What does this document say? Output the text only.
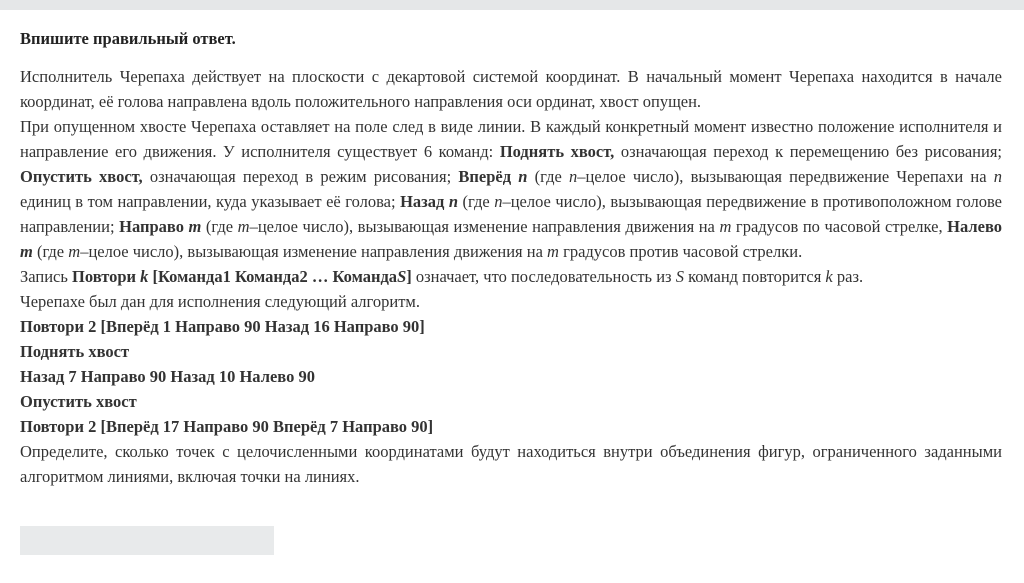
Впишите правильный ответ.

Исполнитель Черепаха действует на плоскости с декартовой системой координат. В начальный момент Черепаха находится в начале координат, её голова направлена вдоль положительного направления оси ординат, хвост опущен.

При опущенном хвосте Черепаха оставляет на поле след в виде линии. В каждый конкретный момент известно положение исполнителя и направление его движения. У исполнителя существует 6 команд: Поднять хвост, означающая переход к перемещению без рисования; Опустить хвост, означающая переход в режим рисования; Вперёд n (где n–целое число), вызывающая передвижение Черепахи на n единиц в том направлении, куда указывает её голова; Назад n (где n–целое число), вызывающая передвижение в противоположном голове направлении; Направо m (где m–целое число), вызывающая изменение направления движения на m градусов по часовой стрелке, Налево m (где m–целое число), вызывающая изменение направления движения на m градусов против часовой стрелки.

Запись Повтори k [Команда1 Команда2 … КомандаS] означает, что последовательность из S команд повторится k раз.

Черепахе был дан для исполнения следующий алгоритм.

Повтори 2 [Вперёд 1 Направо 90 Назад 16 Направо 90]

Поднять хвост

Назад 7 Направо 90 Назад 10 Налево 90

Опустить хвост

Повтори 2 [Вперёд 17 Направо 90 Вперёд 7 Направо 90]

Определите, сколько точек с целочисленными координатами будут находиться внутри объединения фигур, ограниченного заданными алгоритмом линиями, включая точки на линиях.
